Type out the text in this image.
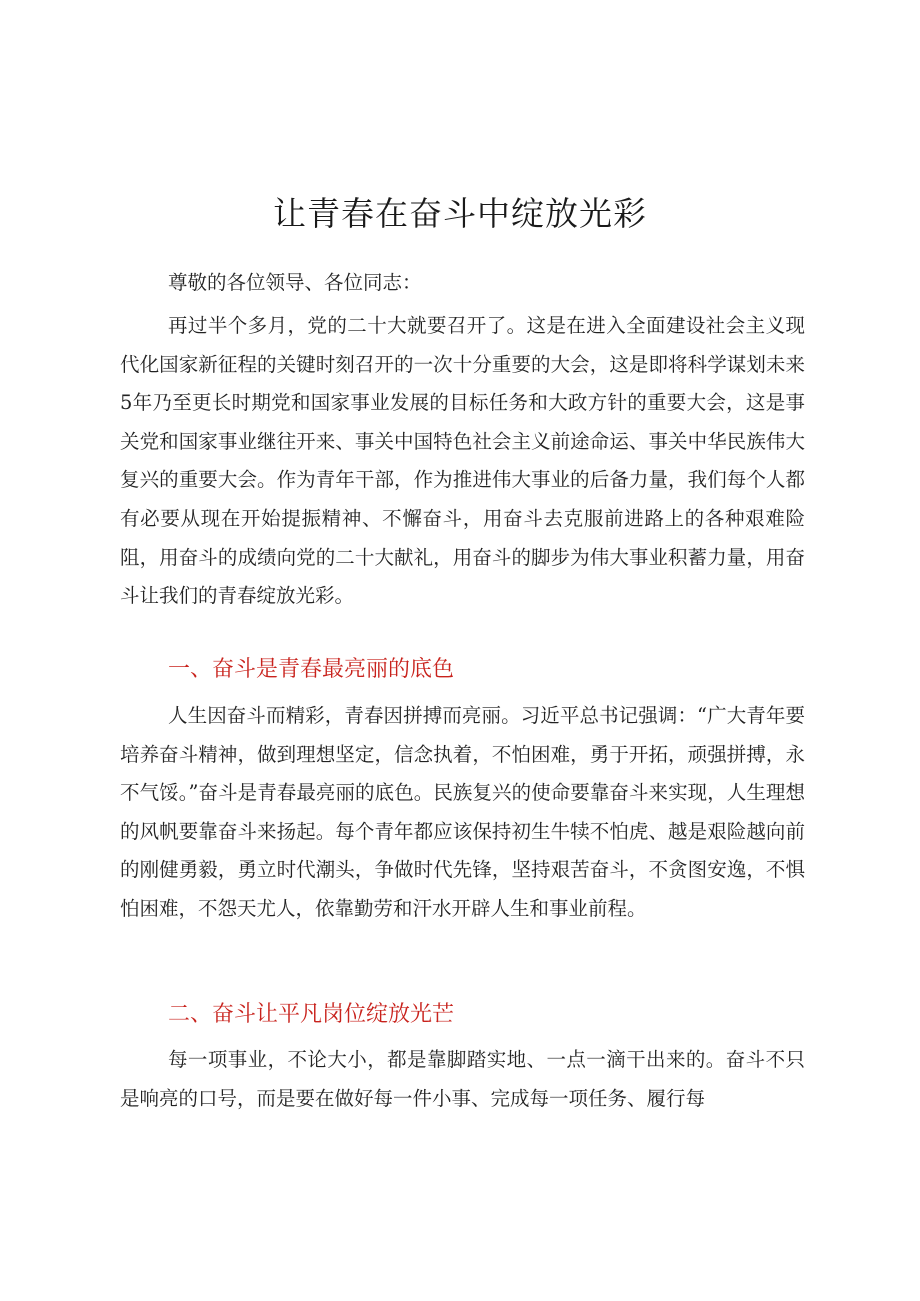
让青春在奋斗中绽放光彩

尊敬的各位领导、各位同志：

再过半个多月，党的二十大就要召开了。这是在进入全面建设社会主义现代化国家新征程的关键时刻召开的一次十分重要的大会，这是即将科学谋划未来5年乃至更长时期党和国家事业发展的目标任务和大政方针的重要大会，这是事关党和国家事业继往开来、事关中国特色社会主义前途命运、事关中华民族伟大复兴的重要大会。作为青年干部，作为推进伟大事业的后备力量，我们每个人都有必要从现在开始提振精神、不懈奋斗，用奋斗去克服前进路上的各种艰难险阻，用奋斗的成绩向党的二十大献礼，用奋斗的脚步为伟大事业积蓄力量，用奋斗让我们的青春绽放光彩。

一、奋斗是青春最亮丽的底色

人生因奋斗而精彩，青春因拼搏而亮丽。习近平总书记强调：“广大青年要培养奋斗精神，做到理想坚定，信念执着，不怕困难，勇于开拓，顽强拼搏，永不气馁。”奋斗是青春最亮丽的底色。民族复兴的使命要靠奋斗来实现，人生理想的风帆要靠奋斗来扬起。每个青年都应该保持初生牛犊不怕虎、越是艰险越向前的刚健勇毅，勇立时代潮头，争做时代先锋，坚持艰苦奋斗，不贪图安逸，不惧怕困难，不怨天尤人，依靠勤劳和汗水开辟人生和事业前程。

二、奋斗让平凡岗位绽放光芒

每一项事业，不论大小，都是靠脚踏实地、一点一滴干出来的。奋斗不只是响亮的口号，而是要在做好每一件小事、完成每一项任务、履行每
